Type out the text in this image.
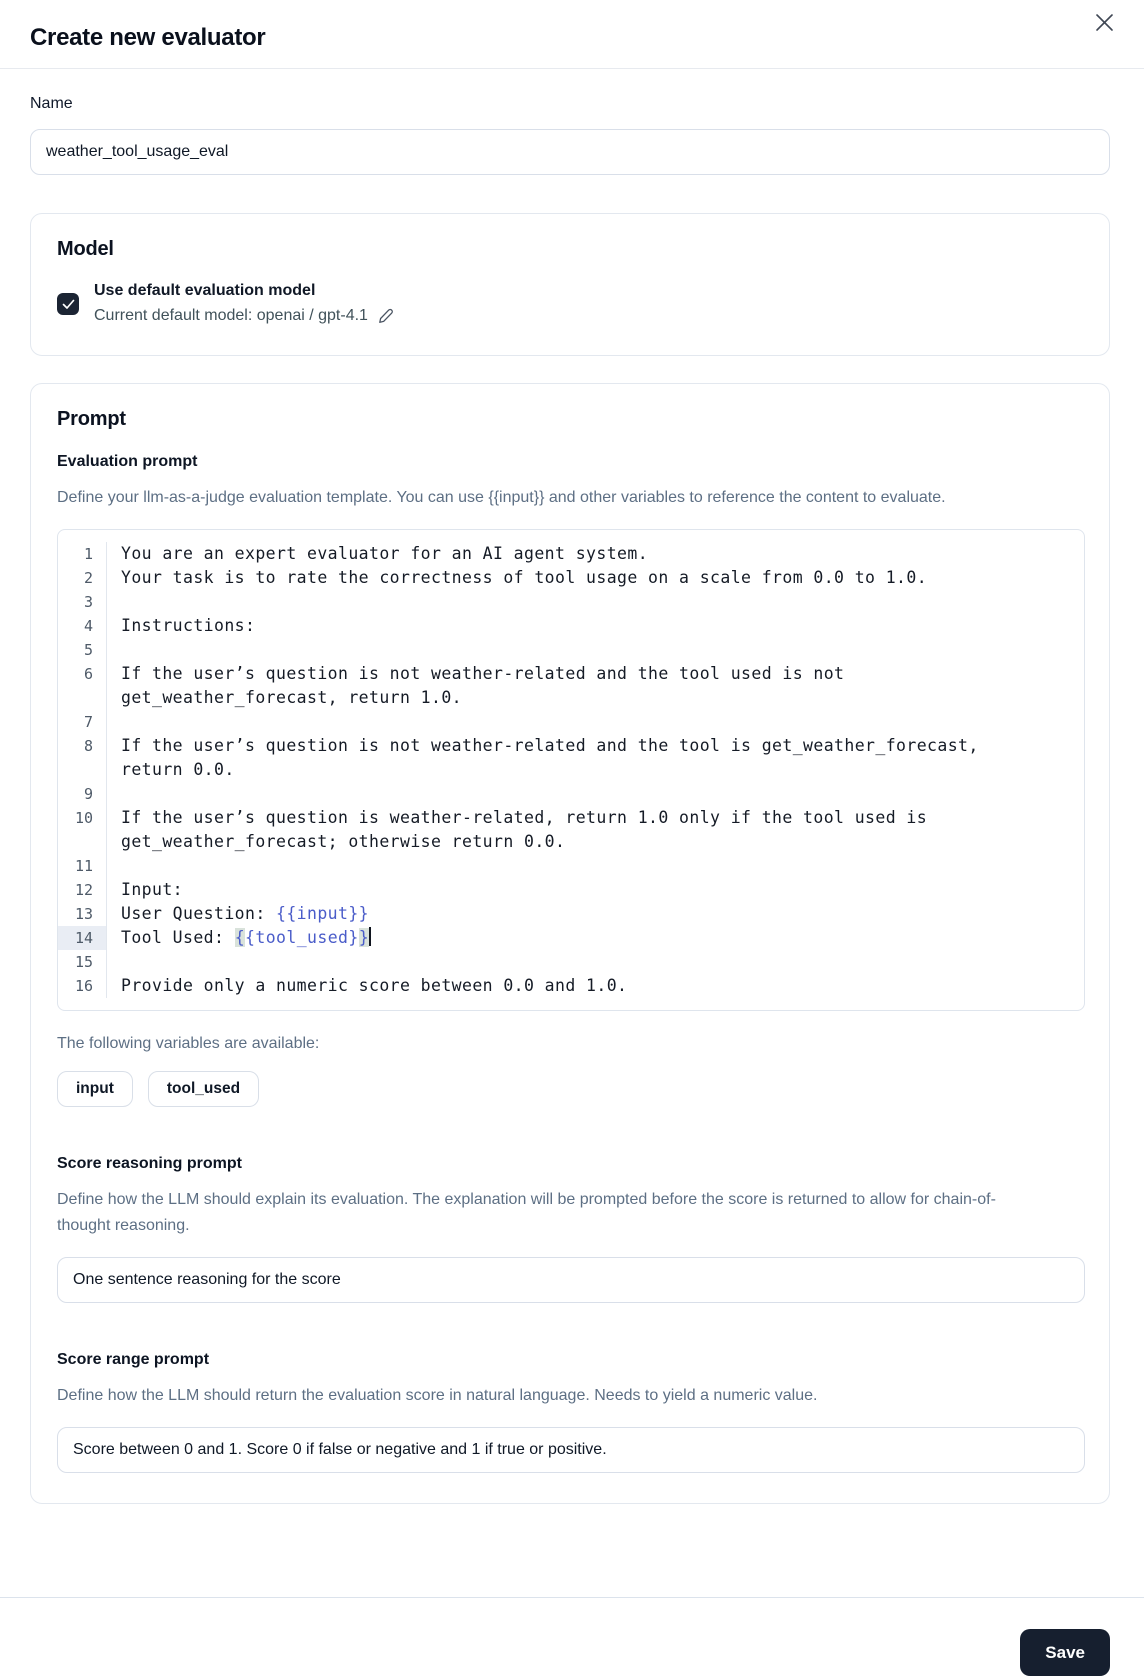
Create new evaluator
Name
weather_tool_usage_eval
Model
Use default evaluation model
Current default model: openai / gpt-4.1
Prompt
Evaluation prompt

Define your llm-as-a-judge evaluation template. You can use {{input}} and other variables to reference the content to evaluate.

1	You are an expert evaluator for an AI agent system.
2	Your task is to rate the correctness of tool usage on a scale from 0.0 to 1.0.
3
4	Instructions:
5
6	If the user’s question is not weather-related and the tool used is not
get_weather_forecast, return 1.0.
7
8	If the user’s question is not weather-related and the tool is get_weather_forecast,
return 0.0.
9
10	If the user’s question is weather-related, return 1.0 only if the tool used is
get_weather_forecast; otherwise return 0.0.
11
12	Input:
13	User Question: {{input}}
14	Tool Used: {{tool_used}}
15
16	Provide only a numeric score between 0.0 and 1.0.

The following variables are available:

input	tool_used
Score reasoning prompt

Define how the LLM should explain its evaluation. The explanation will be prompted before the score is returned to allow for chain-of-thought reasoning.

One sentence reasoning for the score
Score range prompt

Define how the LLM should return the evaluation score in natural language. Needs to yield a numeric value.

Score between 0 and 1. Score 0 if false or negative and 1 if true or positive.
Save
